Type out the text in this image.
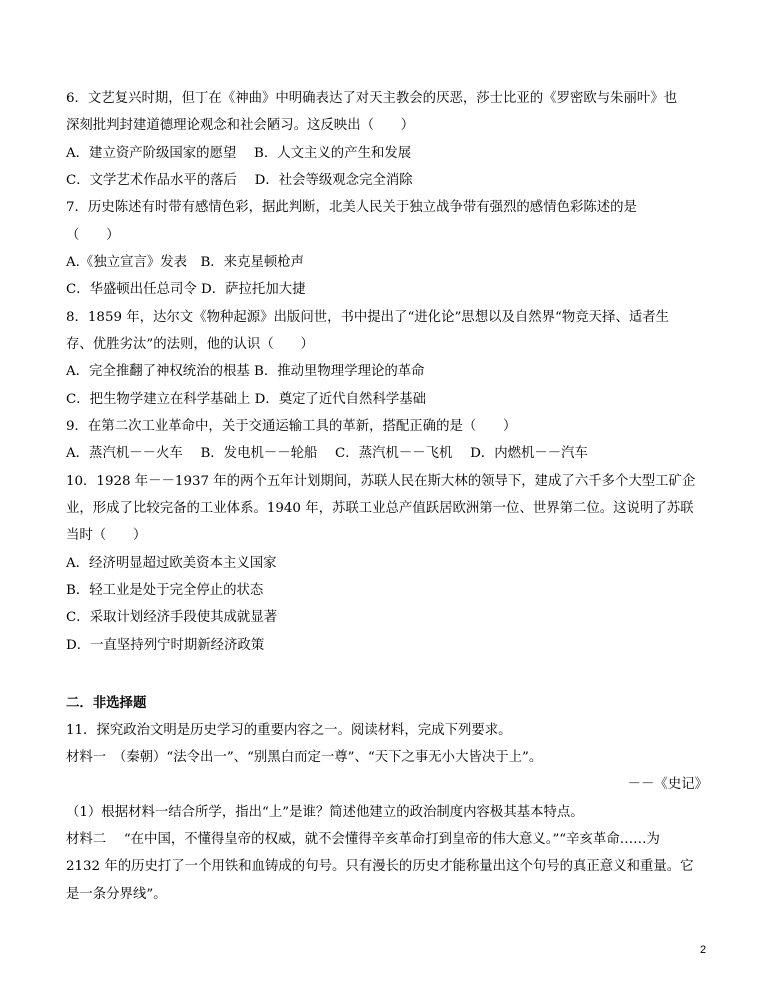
6．文艺复兴时期，但丁在《神曲》中明确表达了对天主教会的厌恶，莎士比亚的《罗密欧与朱丽叶》也
深刻批判封建道德理论观念和社会陋习。这反映出（　　）
A．建立资产阶级国家的愿望　 B．人文主义的产生和发展
C．文学艺术作品水平的落后　 D．社会等级观念完全消除
7．历史陈述有时带有感情色彩，据此判断，北美人民关于独立战争带有强烈的感情色彩陈述的是
（　　）
A.《独立宣言》发表　B．来克星顿枪声
C．华盛顿出任总司令 D．萨拉托加大捷
8．1859 年，达尔文《物种起源》出版问世，书中提出了“进化论”思想以及自然界“物竞天择、适者生
存、优胜劣汰”的法则，他的认识（　　）
A．完全推翻了神权统治的根基 B．推动里物理学理论的革命
C．把生物学建立在科学基础上 D．奠定了近代自然科学基础
9．在第二次工业革命中，关于交通运输工具的革新，搭配正确的是（　　）
A．蒸汽机－－火车　 B．发电机－－轮船　 C．蒸汽机－－飞机　 D．内燃机－－汽车
10．1928 年－－1937 年的两个五年计划期间，苏联人民在斯大林的领导下，建成了六千多个大型工矿企
业，形成了比较完备的工业体系。1940 年，苏联工业总产值跃居欧洲第一位、世界第二位。这说明了苏联
当时（　　）
A．经济明显超过欧美资本主义国家
B．轻工业是处于完全停止的状态
C．采取计划经济手段使其成就显著
D．一直坚持列宁时期新经济政策
二．非选择题
11．探究政治文明是历史学习的重要内容之一。阅读材料，完成下列要求。
材料一　（秦朝）“法令出一”、“别黑白而定一尊”、“天下之事无小大皆决于上”。
－－《史记》
（1）根据材料一结合所学，指出“上”是谁？简述他建立的政治制度内容极其基本特点。
材料二　 “在中国，不懂得皇帝的权威，就不会懂得辛亥革命打到皇帝的伟大意义。”“辛亥革命……为
2132 年的历史打了一个用铁和血铸成的句号。只有漫长的历史才能称量出这个句号的真正意义和重量。它
是一条分界线”。
2
